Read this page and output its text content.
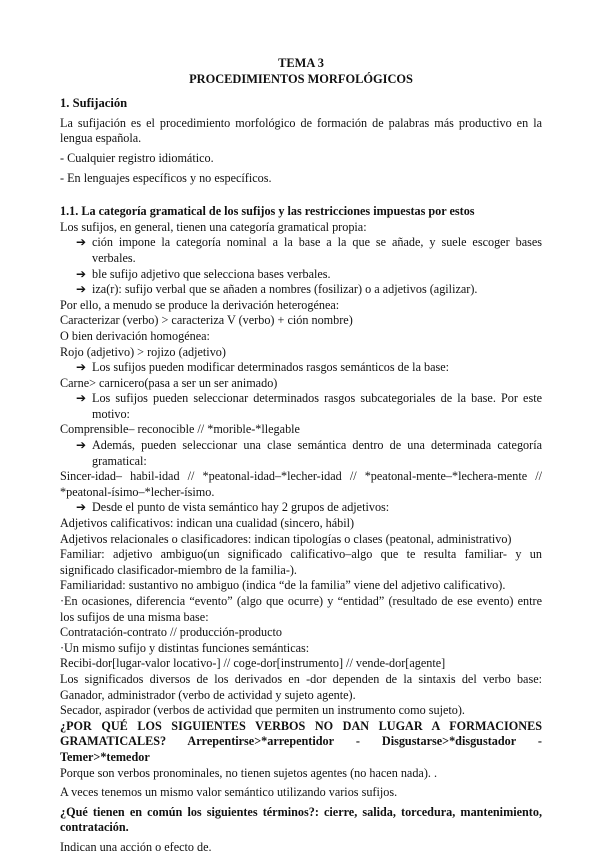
TEMA 3

PROCEDIMIENTOS MORFOLÓGICOS

1. Sufijación

La sufijación es el procedimiento morfológico de formación de palabras más productivo en la lengua española.

- Cualquier registro idiomático.

- En lenguajes específicos y no específicos.

1.1. La categoría gramatical de los sufijos y las restricciones impuestas por estos

Los sufijos, en general, tienen una categoría gramatical propia:

➔ ción impone la categoría nominal a la base a la que se añade, y suele escoger bases verbales.
➔ ble sufijo adjetivo que selecciona bases verbales.
➔ iza(r): sufijo verbal que se añaden a nombres (fosilizar) o a adjetivos (agilizar).

Por ello, a menudo se produce la derivación heterogénea:

Caracterizar (verbo) > caracteriza V (verbo) + ción nombre)

O bien derivación homogénea:

Rojo (adjetivo) > rojizo (adjetivo)

➔ Los sufijos pueden modificar determinados rasgos semánticos de la base:

Carne> carnicero(pasa a ser un ser animado)

➔ Los sufijos pueden seleccionar determinados rasgos subcategoriales de la base. Por este motivo:

Comprensible– reconocible // *morible-*llegable

➔ Además, pueden seleccionar una clase semántica dentro de una determinada categoría gramatical:

Sincer-idad– habil-idad // *peatonal-idad–*lecher-idad // *peatonal-mente–*lechera-mente // *peatonal-ísimo–*lecher-ísimo.

➔ Desde el punto de vista semántico hay 2 grupos de adjetivos:

Adjetivos calificativos: indican una cualidad (sincero, hábil)

Adjetivos relacionales o clasificadores: indican tipologías o clases (peatonal, administrativo)

Familiar: adjetivo ambiguo(un significado calificativo–algo que te resulta familiar- y un significado clasificador-miembro de la familia-).

Familiaridad: sustantivo no ambiguo (indica “de la familia” viene del adjetivo calificativo).

·En ocasiones, diferencia “evento” (algo que ocurre) y “entidad” (resultado de ese evento) entre los sufijos de una misma base:

Contratación-contrato // producción-producto

·Un mismo sufijo y distintas funciones semánticas:

Recibi-dor[lugar-valor locativo-] // coge-dor[instrumento] // vende-dor[agente]

Los significados diversos de los derivados en -dor dependen de la sintaxis del verbo base: Ganador, administrador (verbo de actividad y sujeto agente).

Secador, aspirador (verbos de actividad que permiten un instrumento como sujeto).

¿POR QUÉ LOS SIGUIENTES VERBOS NO DAN LUGAR A FORMACIONES GRAMATICALES? Arrepentirse>*arrepentidor - Disgustarse>*disgustador - Temer>*temedor

Porque son verbos pronominales, no tienen sujetos agentes (no hacen nada). .

A veces tenemos un mismo valor semántico utilizando varios sufijos.

¿Qué tienen en común los siguientes términos?: cierre, salida, torcedura, mantenimiento, contratación.

Indican una acción o efecto de.
